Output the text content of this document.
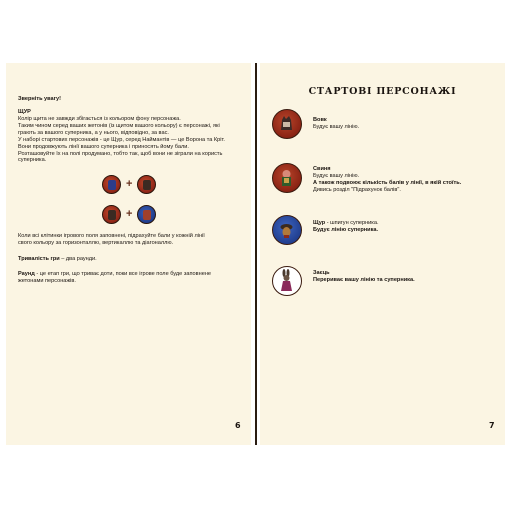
Зверніть увагу!
ЩУР
Колір щита не завжди збігається із кольором фону персонажа.
Таким чином серед ваших жетонів (із щитом вашого кольору) є персонажі, які
грають за вашого суперника, а у нього, відповідно, за вас.
У наборі стартових персонажів - це Щур, серед Наймантів — це Ворона та Кріт.
Вони продовжують лінії вашого суперника і приносять йому бали.
Розташовуйте їх на полі продумано, тобто так, щоб вони не зіграли на користь
суперника.
+
+
Коли всі клітинки ігрового поля заповнені, підрахуйте бали у кожній лінії
свого кольору за горизонталлю, вертикаллю та діагоналлю.
Тривалість гри – два раунди.
Раунд - це етап гри, що триває доти, поки все ігрове поле буде заповнене
жетонами персонажів.
6
СТАРТОВІ ПЕРСОНАЖІ
Вовк
Будує вашу лінію.
Свиня
Будує вашу лінію.
А також подвоює кількість балів у лінії, в якій стоїть.
Дивись розділ "Підрахунок балів".
Щур - шпигун суперника.
Будує лінію суперника.
Заєць
Перериває вашу лінію та суперника.
7
